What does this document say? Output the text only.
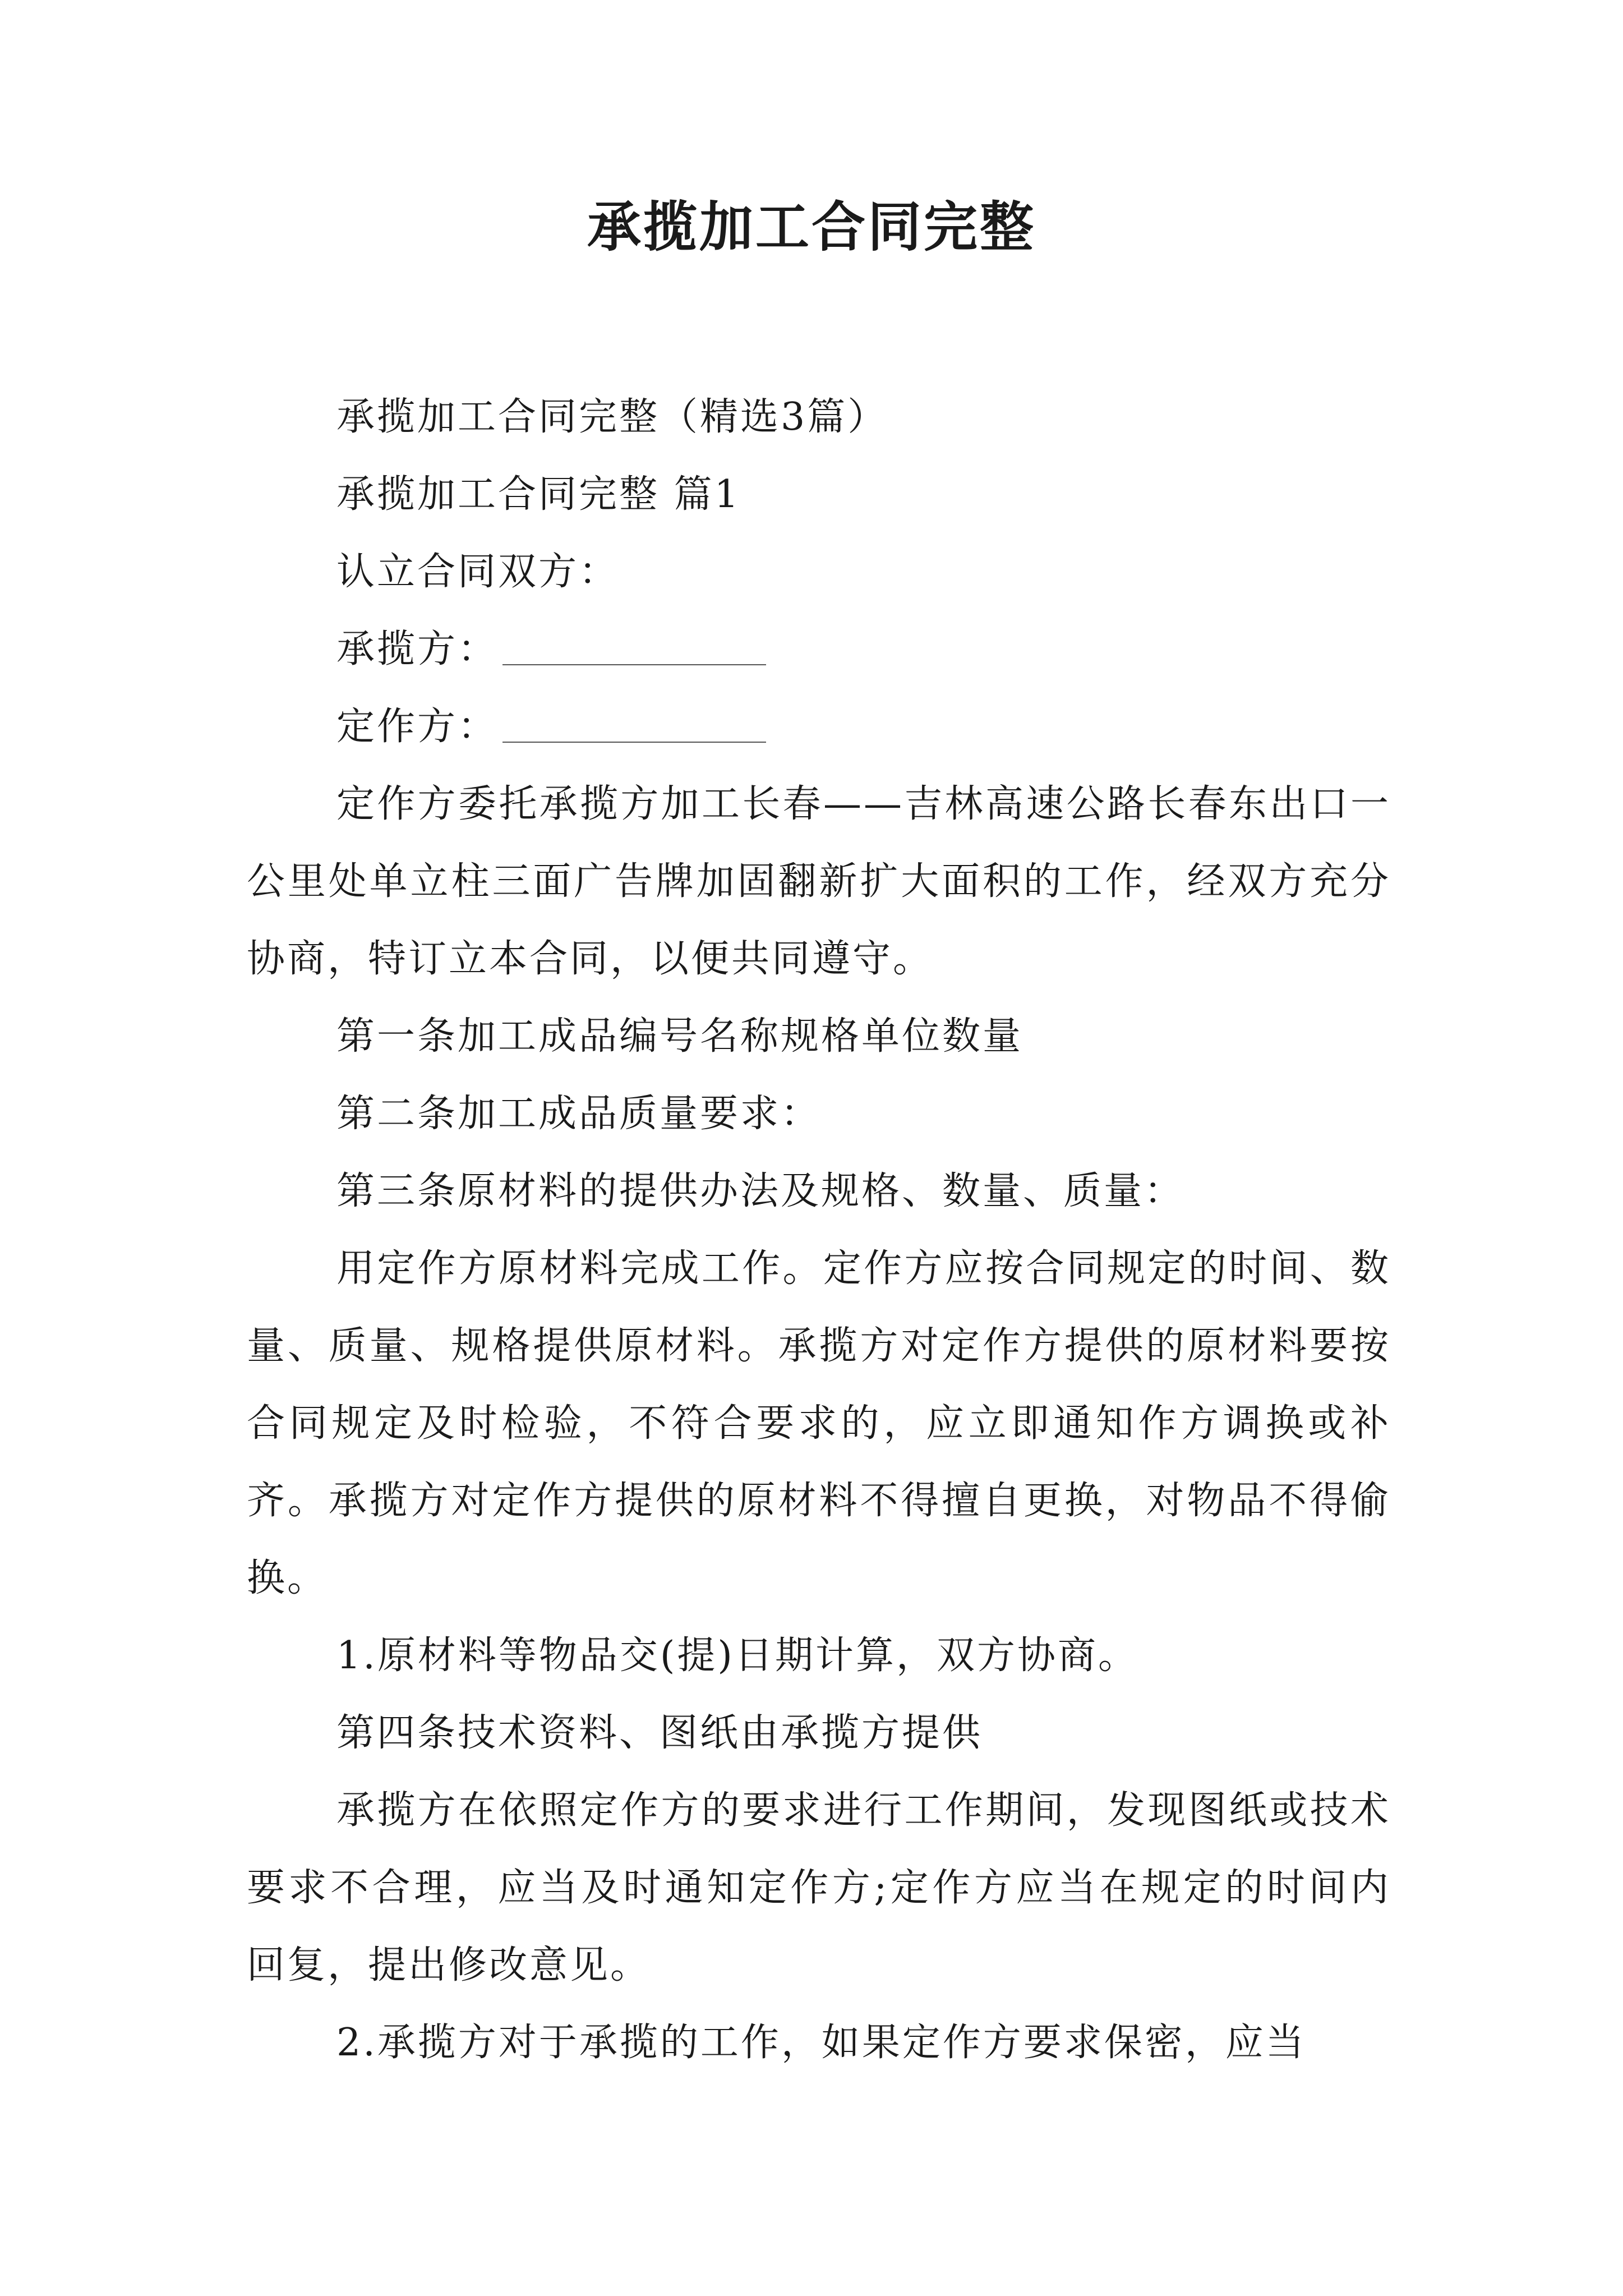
承揽加工合同完整

承揽加工合同完整（精选3篇）

承揽加工合同完整 篇1

认立合同双方：

承揽方：

定作方：

定作方委托承揽方加工长春——吉林高速公路长春东出口一公里处单立柱三面广告牌加固翻新扩大面积的工作，经双方充分协商，特订立本合同，以便共同遵守。

第一条加工成品编号名称规格单位数量

第二条加工成品质量要求：

第三条原材料的提供办法及规格、数量、质量：

用定作方原材料完成工作。定作方应按合同规定的时间、数量、质量、规格提供原材料。承揽方对定作方提供的原材料要按合同规定及时检验，不符合要求的，应立即通知作方调换或补齐。承揽方对定作方提供的原材料不得擅自更换，对物品不得偷换。

1.原材料等物品交(提)日期计算，双方协商。

第四条技术资料、图纸由承揽方提供

承揽方在依照定作方的要求进行工作期间，发现图纸或技术要求不合理，应当及时通知定作方;定作方应当在规定的时间内回复，提出修改意见。

2.承揽方对于承揽的工作，如果定作方要求保密，应当
